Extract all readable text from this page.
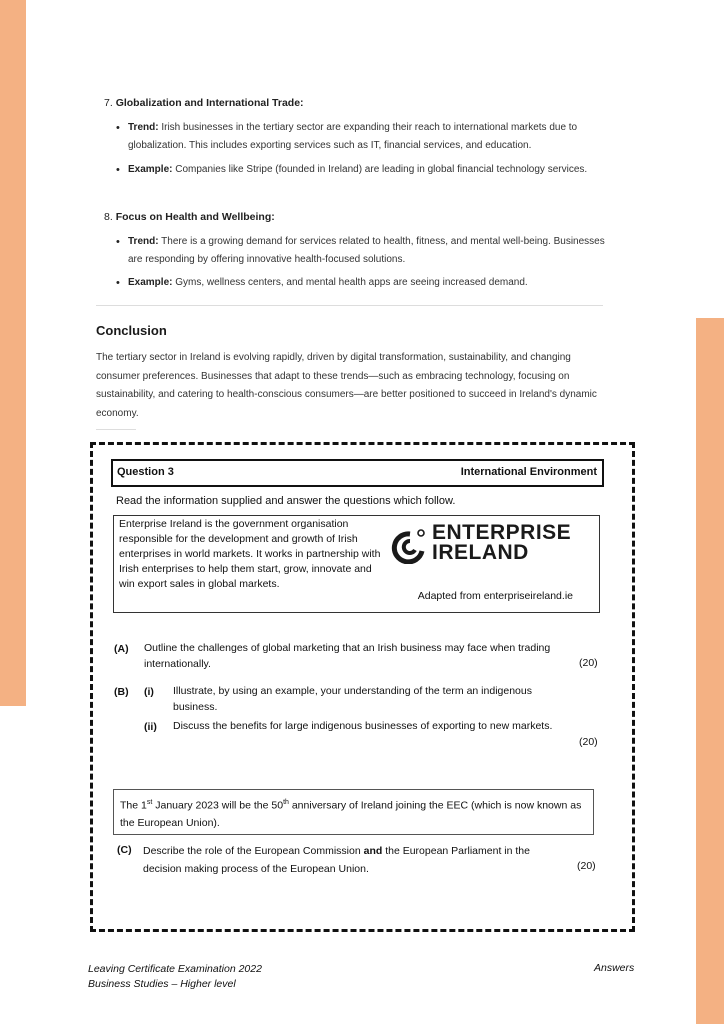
7. Globalization and International Trade:
• Trend: Irish businesses in the tertiary sector are expanding their reach to international markets due to globalization. This includes exporting services such as IT, financial services, and education.
• Example: Companies like Stripe (founded in Ireland) are leading in global financial technology services.
8. Focus on Health and Wellbeing:
• Trend: There is a growing demand for services related to health, fitness, and mental well-being. Businesses are responding by offering innovative health-focused solutions.
• Example: Gyms, wellness centers, and mental health apps are seeing increased demand.
Conclusion
The tertiary sector in Ireland is evolving rapidly, driven by digital transformation, sustainability, and changing consumer preferences. Businesses that adapt to these trends—such as embracing technology, focusing on sustainability, and catering to health-conscious consumers—are better positioned to succeed in Ireland's dynamic economy.
Question 3	International Environment
Read the information supplied and answer the questions which follow.
Enterprise Ireland is the government organisation responsible for the development and growth of Irish enterprises in world markets. It works in partnership with Irish enterprises to help them start, grow, innovate and win export sales in global markets.
ENTERPRISE
IRELAND
Adapted from enterpriseireland.ie
(A) Outline the challenges of global marketing that an Irish business may face when trading internationally.	(20)
(B) (i) Illustrate, by using an example, your understanding of the term an indigenous business.
(ii) Discuss the benefits for large indigenous businesses of exporting to new markets.
(20)
The 1st January 2023 will be the 50th anniversary of Ireland joining the EEC (which is now known as the European Union).
(C) Describe the role of the European Commission and the European Parliament in the decision making process of the European Union.	(20)
Leaving Certificate Examination 2022
Business Studies – Higher level
Answers
